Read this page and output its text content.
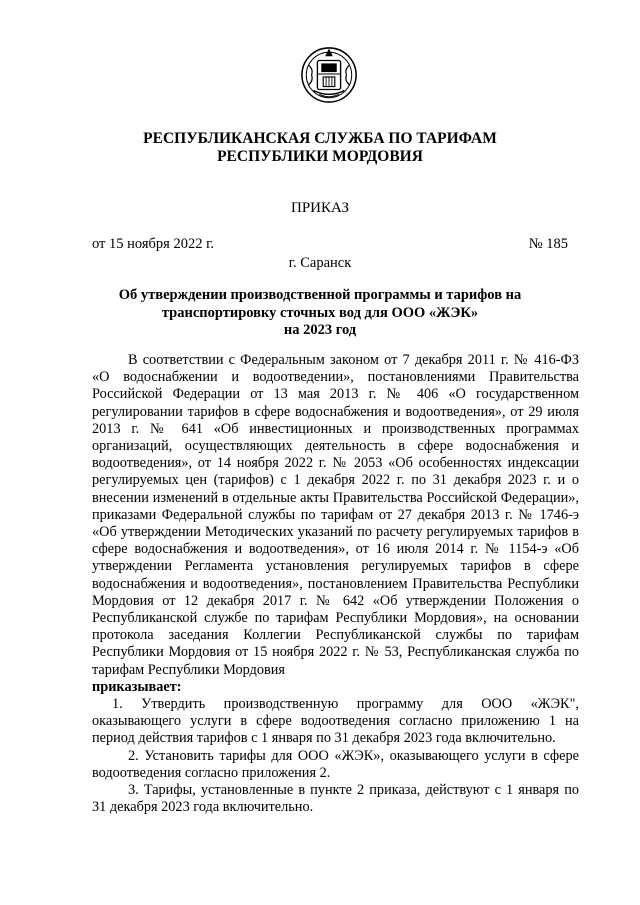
РЕСПУБЛИКАНСКАЯ СЛУЖБА ПО ТАРИФАМ
РЕСПУБЛИКИ МОРДОВИЯ
ПРИКАЗ
от 15 ноября 2022 г.	№ 185
г. Саранск
Об утверждении производственной программы и тарифов на
транспортировку сточных вод для ООО «ЖЭК»
на 2023 год

В соответствии с Федеральным законом от 7 декабря 2011 г. № 416-ФЗ «О водоснабжении и водоотведении», постановлениями Правительства Российской Федерации от 13 мая 2013 г. № 406 «О государственном регулировании тарифов в сфере водоснабжения и водоотведения», от 29 июля 2013 г. № 641 «Об инвестиционных и производственных программах организаций, осуществляющих деятельность в сфере водоснабжения и водоотведения», от 14 ноября 2022 г. № 2053 «Об особенностях индексации регулируемых цен (тарифов) с 1 декабря 2022 г. по 31 декабря 2023 г. и о внесении изменений в отдельные акты Правительства Российской Федерации», приказами Федеральной службы по тарифам от 27 декабря 2013 г. № 1746-э «Об утверждении Методических указаний по расчету регулируемых тарифов в сфере водоснабжения и водоотведения», от 16 июля 2014 г. № 1154-э «Об утверждении Регламента установления регулируемых тарифов в сфере водоснабжения и водоотведения», постановлением Правительства Республики Мордовия от 12 декабря 2017 г. № 642 «Об утверждении Положения о Республиканской службе по тарифам Республики Мордовия», на основании протокола заседания Коллегии Республиканской службы по тарифам Республики Мордовия от 15 ноября 2022 г. № 53, Республиканская служба по тарифам Республики Мордовия

приказывает:

1. Утвердить производственную программу для ООО «ЖЭК", оказывающего услуги в сфере водоотведения согласно приложению 1 на период действия тарифов с 1 января по 31 декабря 2023 года включительно.

2. Установить тарифы для ООО «ЖЭК», оказывающего услуги в сфере водоотведения согласно приложения 2.

3. Тарифы, установленные в пункте 2 приказа, действуют с 1 января по 31 декабря 2023 года включительно.
